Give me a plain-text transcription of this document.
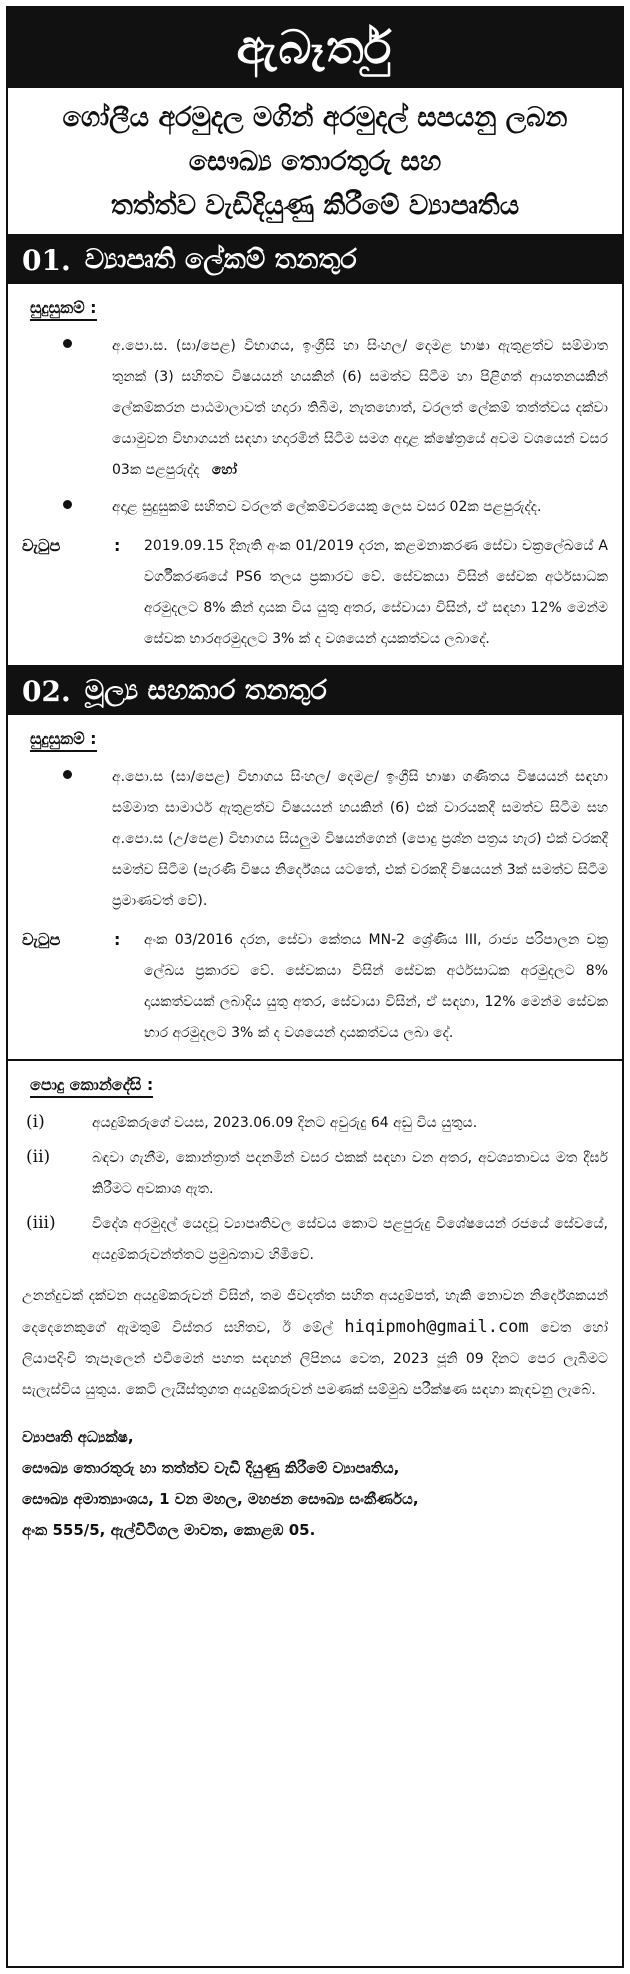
ඇබෑර්තු
ගෝලීය අරමුදල මගින් අරමුදල් සපයනු ලබන
සෞඛ්‍ය තොරතුරු සහ
තත්ත්ව වැඩිදියුණු කිරීමේ ව්‍යාපෘතිය
01. ව්‍යාපෘති ලේකම් තනතුර
සුදුසුකම් :
අ.පො.ස. (සා/පෙළ) විභාගය, ඉංග්‍රීසි හා සිංහල/ දෙමළ භාෂා ඇතුළත්ව සම්මාත තුනක් (3) සහිතව විෂයයන් හයකින් (6) සමත්ව සිටීම හා පිළිගත් ආයතනයකින් ලේකම්කරන පාඨමාලාවත් හදාරා තිබීම, නැතහොත්, වරලත් ලේකම් තත්ත්වය දක්වා යොමුවන විභාගයන් සඳහා හදාරමින් සිටීම සමග අදාළ ක්ෂේත්‍රයේ අවම වශයෙන් වසර 03ක පළපුරුද්ද හෝ
අදාළ සුදුසුකම් සහිතව වරලත් ලේකම්වරයෙකු ලෙස වසර 02ක පළපුරුද්ද.
වැටුප	:	2019.09.15 දිනැති අංක 01/2019 දරන, කළමනාකරණ සේවා චක්‍රලේඛයේ A වර්ගීකරණයේ PS6 තලය ප්‍රකාරව වේ. සේවකයා විසින් සේවක අර්ථසාධක අරමුදලට 8% කින් දායක විය යුතු අතර, සේවායා විසින්, ඒ සඳහා 12% මෙන්ම සේවක භාරඅරමුදලට 3% ක් ද වශයෙන් දායකත්වය ලබාදේ.
02. මූල්‍ය සහකාර තනතුර
සුදුසුකම් :
අ.පො.ස (සා/පෙළ) විභාගය සිංහල/ දෙමළ/ ඉංග්‍රීසි භාෂා ගණිතය විෂයයන් සඳහා සම්මාත සාමාර්ථ ඇතුළත්ව විෂයයන් හයකින් (6) එක් වාරයකදී සමත්ව සිටීම සහ අ.පො.ස (උ/පෙළ) විභාගය සියලුම විෂයන්ගෙන් (පොදු ප්‍රශ්න පත්‍රය හැර) එක් වරකදී සමත්ව සිටීම (පැරණි විෂය නිර්දේශය යටතේ, එක් වරකදී විෂයයන් 3ක් සමත්ව සිටීම ප්‍රමාණවත් වේ).
වැටුප	:	අංක 03/2016 දරන, සේවා කේතය MN-2 ශ්‍රේණිය III, රාජ්‍ය පරිපාලන චක්‍ර ලේඛය ප්‍රකාරව වේ. සේවකයා විසින් සේවක අර්ථසාධක අරමුදලට 8% දායකත්වයක් ලබාදිය යුතු අතර, සේවායා විසින්, ඒ සඳහා, 12% මෙන්ම සේවක භාර අරමුදලට 3% ක් ද වශයෙන් දායකත්වය ලබා දේ.
පොදු කොන්දේසි :
(i)	අයදුම්කරුගේ වයස, 2023.06.09 දිනට අවුරුදු 64 අඩු විය යුතුය.
(ii)	බඳවා ගැනීම, කොන්ත්‍රාත් පදනමින් වසර එකක් සඳහා වන අතර, අවශ්‍යතාවය මත දීර්ඝ කිරීමට අවකාශ ඇත.
(iii)	විදේශ අරමුදල් යෙදවූ ව්‍යාපෘතිවල සේවය කොට පළපුරුදු විශේෂයෙන් රජයේ සේවයේ, අයදුම්කරුවන්ත්තට ප්‍රමුඛතාව හිමිවේ.
උනන්දුවක් දක්වන අයදුම්කරුවන් විසින්, තම ජීවදත්ත සහිත අයදුම්පත්, හැකි නොවන නිර්දේශකයන් දෙදෙනෙකුගේ ඇමතුම් විස්තර සහිතව, ඊ මේල් hiqipmoh@gmail.com වෙත හෝ ලියාපදිංචි තැපෑලෙන් එවීමෙන් පහත සඳහන් ලිපිනය වෙත, 2023 ජූනි 09 දිනට පෙර ලැබීමට සැලැස්විය යුතුය. කෙටි ලැයිස්තුගත අයදුම්කරුවන් පමණක් සම්මුඛ පරීක්ෂණ සඳහා කැඳවනු ලැබේ.
ව්‍යාපෘති අධ්‍යක්ෂ,
සෞඛ්‍ය තොරතුරු හා තත්ත්ව වැඩි දියුණු කිරීමේ ව්‍යාපෘතිය,
සෞඛ්‍ය අමාත්‍යාංශය, 1 වන මහල, මහජන සෞඛ්‍ය සංකීර්ණය,
අංක 555/5, ඇල්විටිගල මාවත, කොළඹ 05.
